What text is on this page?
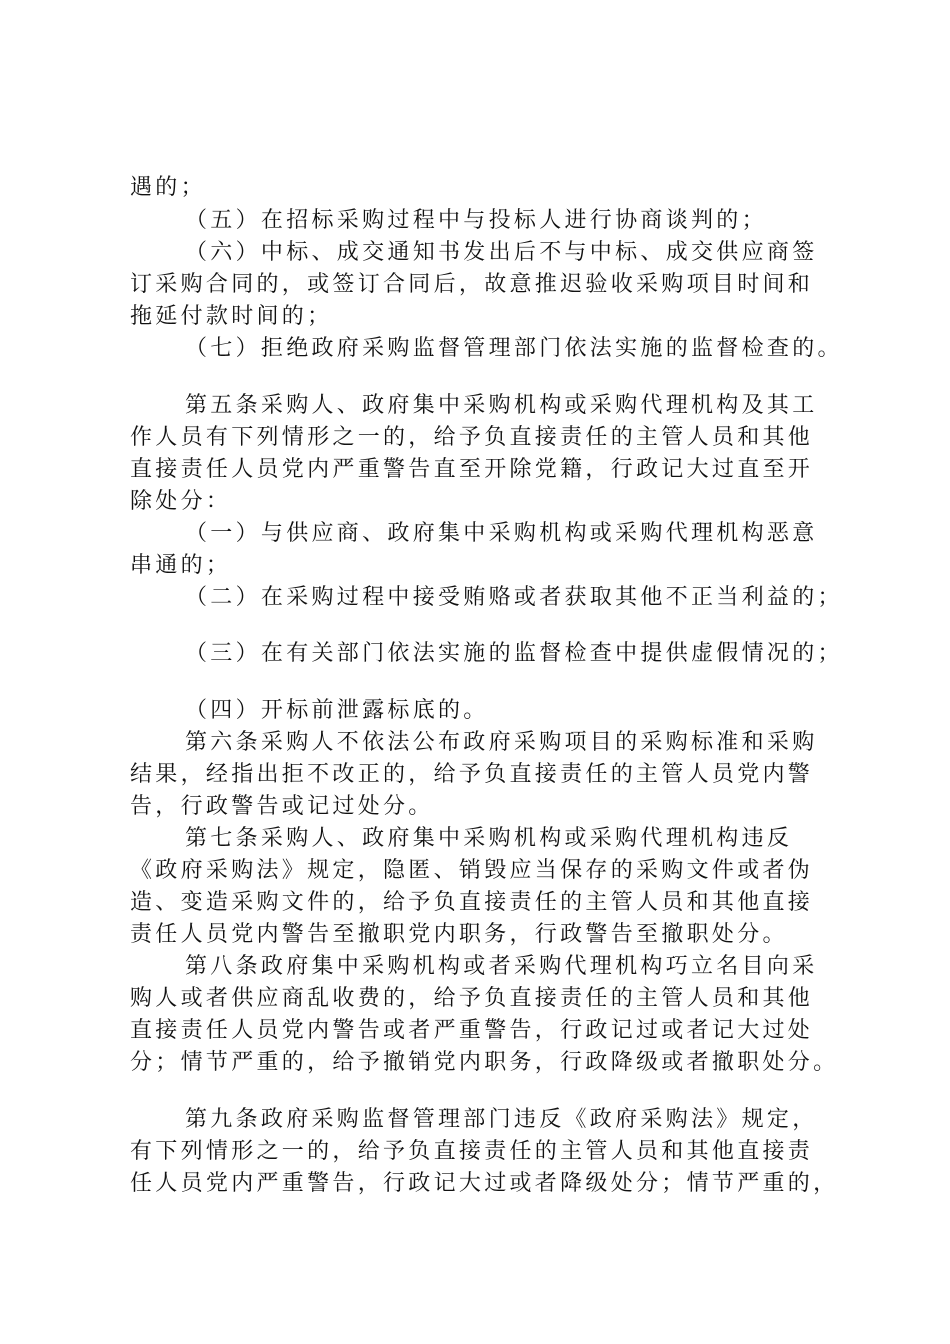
遇的；
（五）在招标采购过程中与投标人进行协商谈判的；
（六）中标、成交通知书发出后不与中标、成交供应商签
订采购合同的，或签订合同后，故意推迟验收采购项目时间和
拖延付款时间的；
（七）拒绝政府采购监督管理部门依法实施的监督检查的。
第五条采购人、政府集中采购机构或采购代理机构及其工
作人员有下列情形之一的，给予负直接责任的主管人员和其他
直接责任人员党内严重警告直至开除党籍，行政记大过直至开
除处分：
（一）与供应商、政府集中采购机构或采购代理机构恶意
串通的；
（二）在采购过程中接受贿赂或者获取其他不正当利益的；
（三）在有关部门依法实施的监督检查中提供虚假情况的；
（四）开标前泄露标底的。
第六条采购人不依法公布政府采购项目的采购标准和采购
结果，经指出拒不改正的，给予负直接责任的主管人员党内警
告，行政警告或记过处分。
第七条采购人、政府集中采购机构或采购代理机构违反
《政府采购法》规定，隐匿、销毁应当保存的采购文件或者伪
造、变造采购文件的，给予负直接责任的主管人员和其他直接
责任人员党内警告至撤职党内职务，行政警告至撤职处分。
第八条政府集中采购机构或者采购代理机构巧立名目向采
购人或者供应商乱收费的，给予负直接责任的主管人员和其他
直接责任人员党内警告或者严重警告，行政记过或者记大过处
分；情节严重的，给予撤销党内职务，行政降级或者撤职处分。
第九条政府采购监督管理部门违反《政府采购法》规定，
有下列情形之一的，给予负直接责任的主管人员和其他直接责
任人员党内严重警告，行政记大过或者降级处分；情节严重的，
